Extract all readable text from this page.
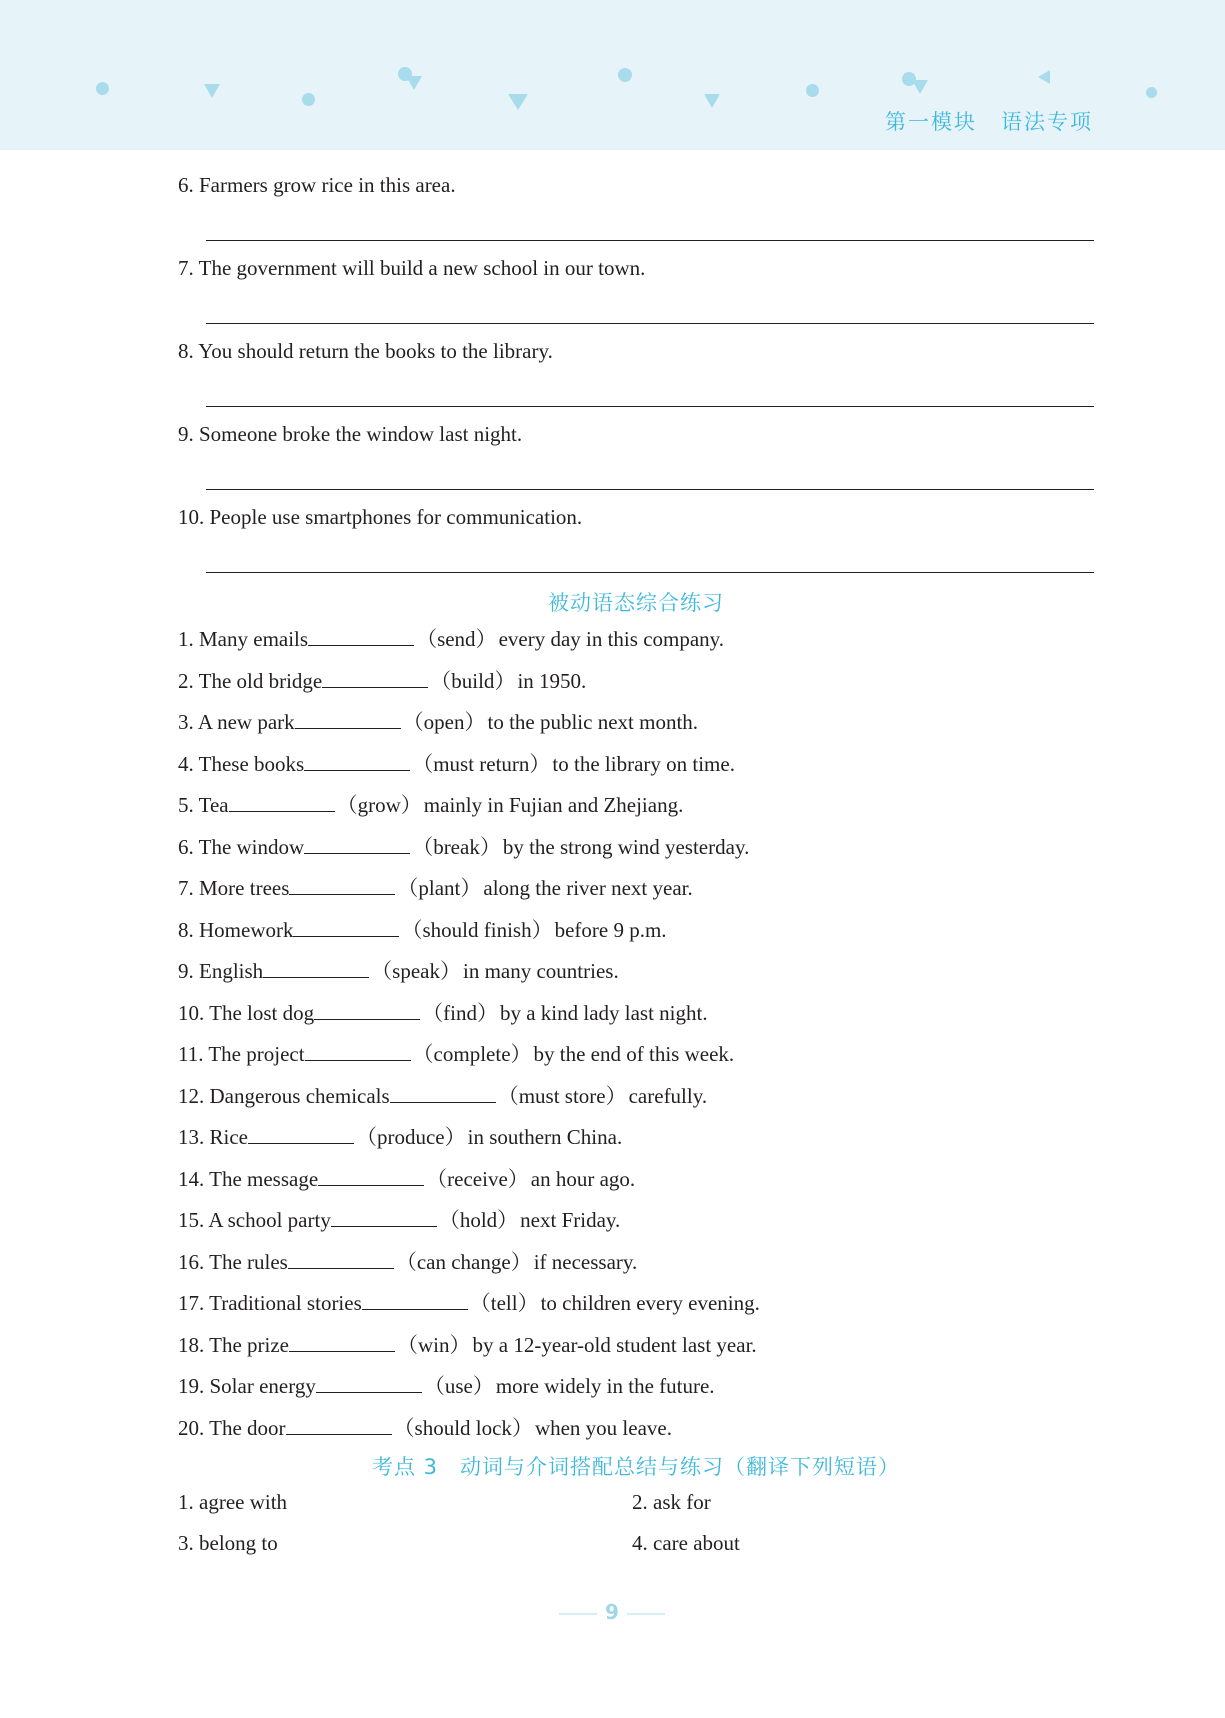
第一模块 语法专项
6. Farmers grow rice in this area.
7. The government will build a new school in our town.
8. You should return the books to the library.
9. Someone broke the window last night.
10. People use smartphones for communication.
被动语态综合练习
1. Many emails	（send）every day in this company.
2. The old bridge	（build）in 1950.
3. A new park	（open）to the public next month.
4. These books	（must return）to the library on time.
5. Tea	（grow）mainly in Fujian and Zhejiang.
6. The window	（break）by the strong wind yesterday.
7. More trees	（plant）along the river next year.
8. Homework	（should finish）before 9 p.m.
9. English	（speak）in many countries.
10. The lost dog	（find）by a kind lady last night.
11. The project	（complete）by the end of this week.
12. Dangerous chemicals	（must store）carefully.
13. Rice	（produce）in southern China.
14. The message	（receive）an hour ago.
15. A school party	（hold）next Friday.
16. The rules	（can change）if necessary.
17. Traditional stories	（tell）to children every evening.
18. The prize	（win）by a 12-year-old student last year.
19. Solar energy	（use）more widely in the future.
20. The door	（should lock）when you leave.
考点 3　动词与介词搭配总结与练习（翻译下列短语）
1. agree with	2. ask for
3. belong to	4. care about
9
